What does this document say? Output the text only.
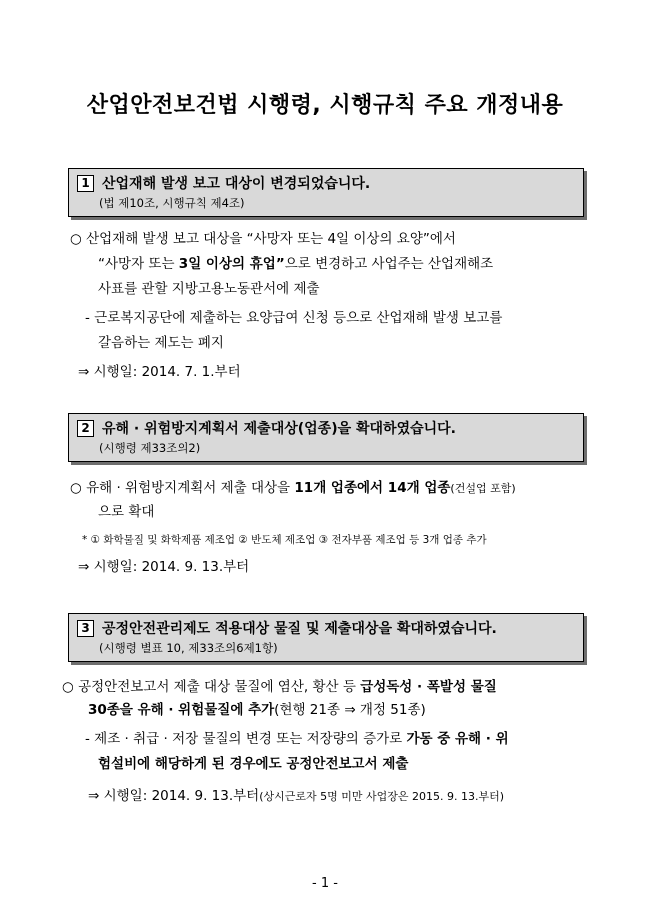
산업안전보건법 시행령, 시행규칙 주요 개정내용
1 산업재해 발생 보고 대상이 변경되었습니다.
(법 제10조, 시행규칙 제4조)
○ 산업재해 발생 보고 대상을 “사망자 또는 4일 이상의 요양”에서
“사망자 또는 3일 이상의 휴업”으로 변경하고 사업주는 산업재해조
사표를 관할 지방고용노동관서에 제출
- 근로복지공단에 제출하는 요양급여 신청 등으로 산업재해 발생 보고를
갈음하는 제도는 폐지
⇒ 시행일: 2014. 7. 1.부터
2 유해 · 위험방지계획서 제출대상(업종)을 확대하였습니다.
(시행령 제33조의2)
○ 유해 · 위험방지계획서 제출 대상을 11개 업종에서 14개 업종(건설업 포함)
으로 확대
* ① 화학물질 및 화학제품 제조업 ② 반도체 제조업 ③ 전자부품 제조업 등 3개 업종 추가
⇒ 시행일: 2014. 9. 13.부터
3 공정안전관리제도 적용대상 물질 및 제출대상을 확대하였습니다.
(시행령 별표 10, 제33조의6제1항)
○ 공정안전보고서 제출 대상 물질에 염산, 황산 등 급성독성 · 폭발성 물질
30종을 유해 · 위험물질에 추가(현행 21종 ⇒ 개정 51종)
- 제조 · 취급 · 저장 물질의 변경 또는 저장량의 증가로 가동 중 유해 · 위
험설비에 해당하게 된 경우에도 공정안전보고서 제출
⇒ 시행일: 2014. 9. 13.부터(상시근로자 5명 미만 사업장은 2015. 9. 13.부터)
- 1 -
